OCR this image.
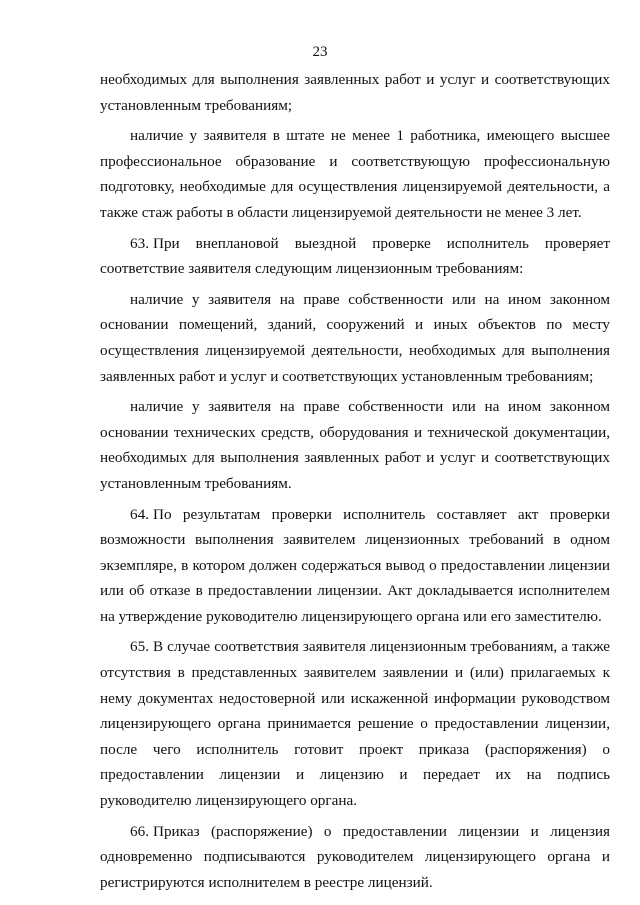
23

необходимых для выполнения заявленных работ и услуг и соответствующих установленным требованиям;

наличие у заявителя в штате не менее 1 работника, имеющего высшее профессиональное образование и соответствующую профессиональную подготовку, необходимые для осуществления лицензируемой деятельности, а также стаж работы в области лицензируемой деятельности не менее 3 лет.

63. При внеплановой выездной проверке исполнитель проверяет соответствие заявителя следующим лицензионным требованиям:

наличие у заявителя на праве собственности или на ином законном основании помещений, зданий, сооружений и иных объектов по месту осуществления лицензируемой деятельности, необходимых для выполнения заявленных работ и услуг и соответствующих установленным требованиям;

наличие у заявителя на праве собственности или на ином законном основании технических средств, оборудования и технической документации, необходимых для выполнения заявленных работ и услуг и соответствующих установленным требованиям.

64. По результатам проверки исполнитель составляет акт проверки возможности выполнения заявителем лицензионных требований в одном экземпляре, в котором должен содержаться вывод о предоставлении лицензии или об отказе в предоставлении лицензии. Акт докладывается исполнителем на утверждение руководителю лицензирующего органа или его заместителю.

65. В случае соответствия заявителя лицензионным требованиям, а также отсутствия в представленных заявителем заявлении и (или) прилагаемых к нему документах недостоверной или искаженной информации руководством лицензирующего органа принимается решение о предоставлении лицензии, после чего исполнитель готовит проект приказа (распоряжения) о предоставлении лицензии и лицензию и передает их на подпись руководителю лицензирующего органа.

66. Приказ (распоряжение) о предоставлении лицензии и лицензия одновременно подписываются руководителем лицензирующего органа и регистрируются исполнителем в реестре лицензий.
